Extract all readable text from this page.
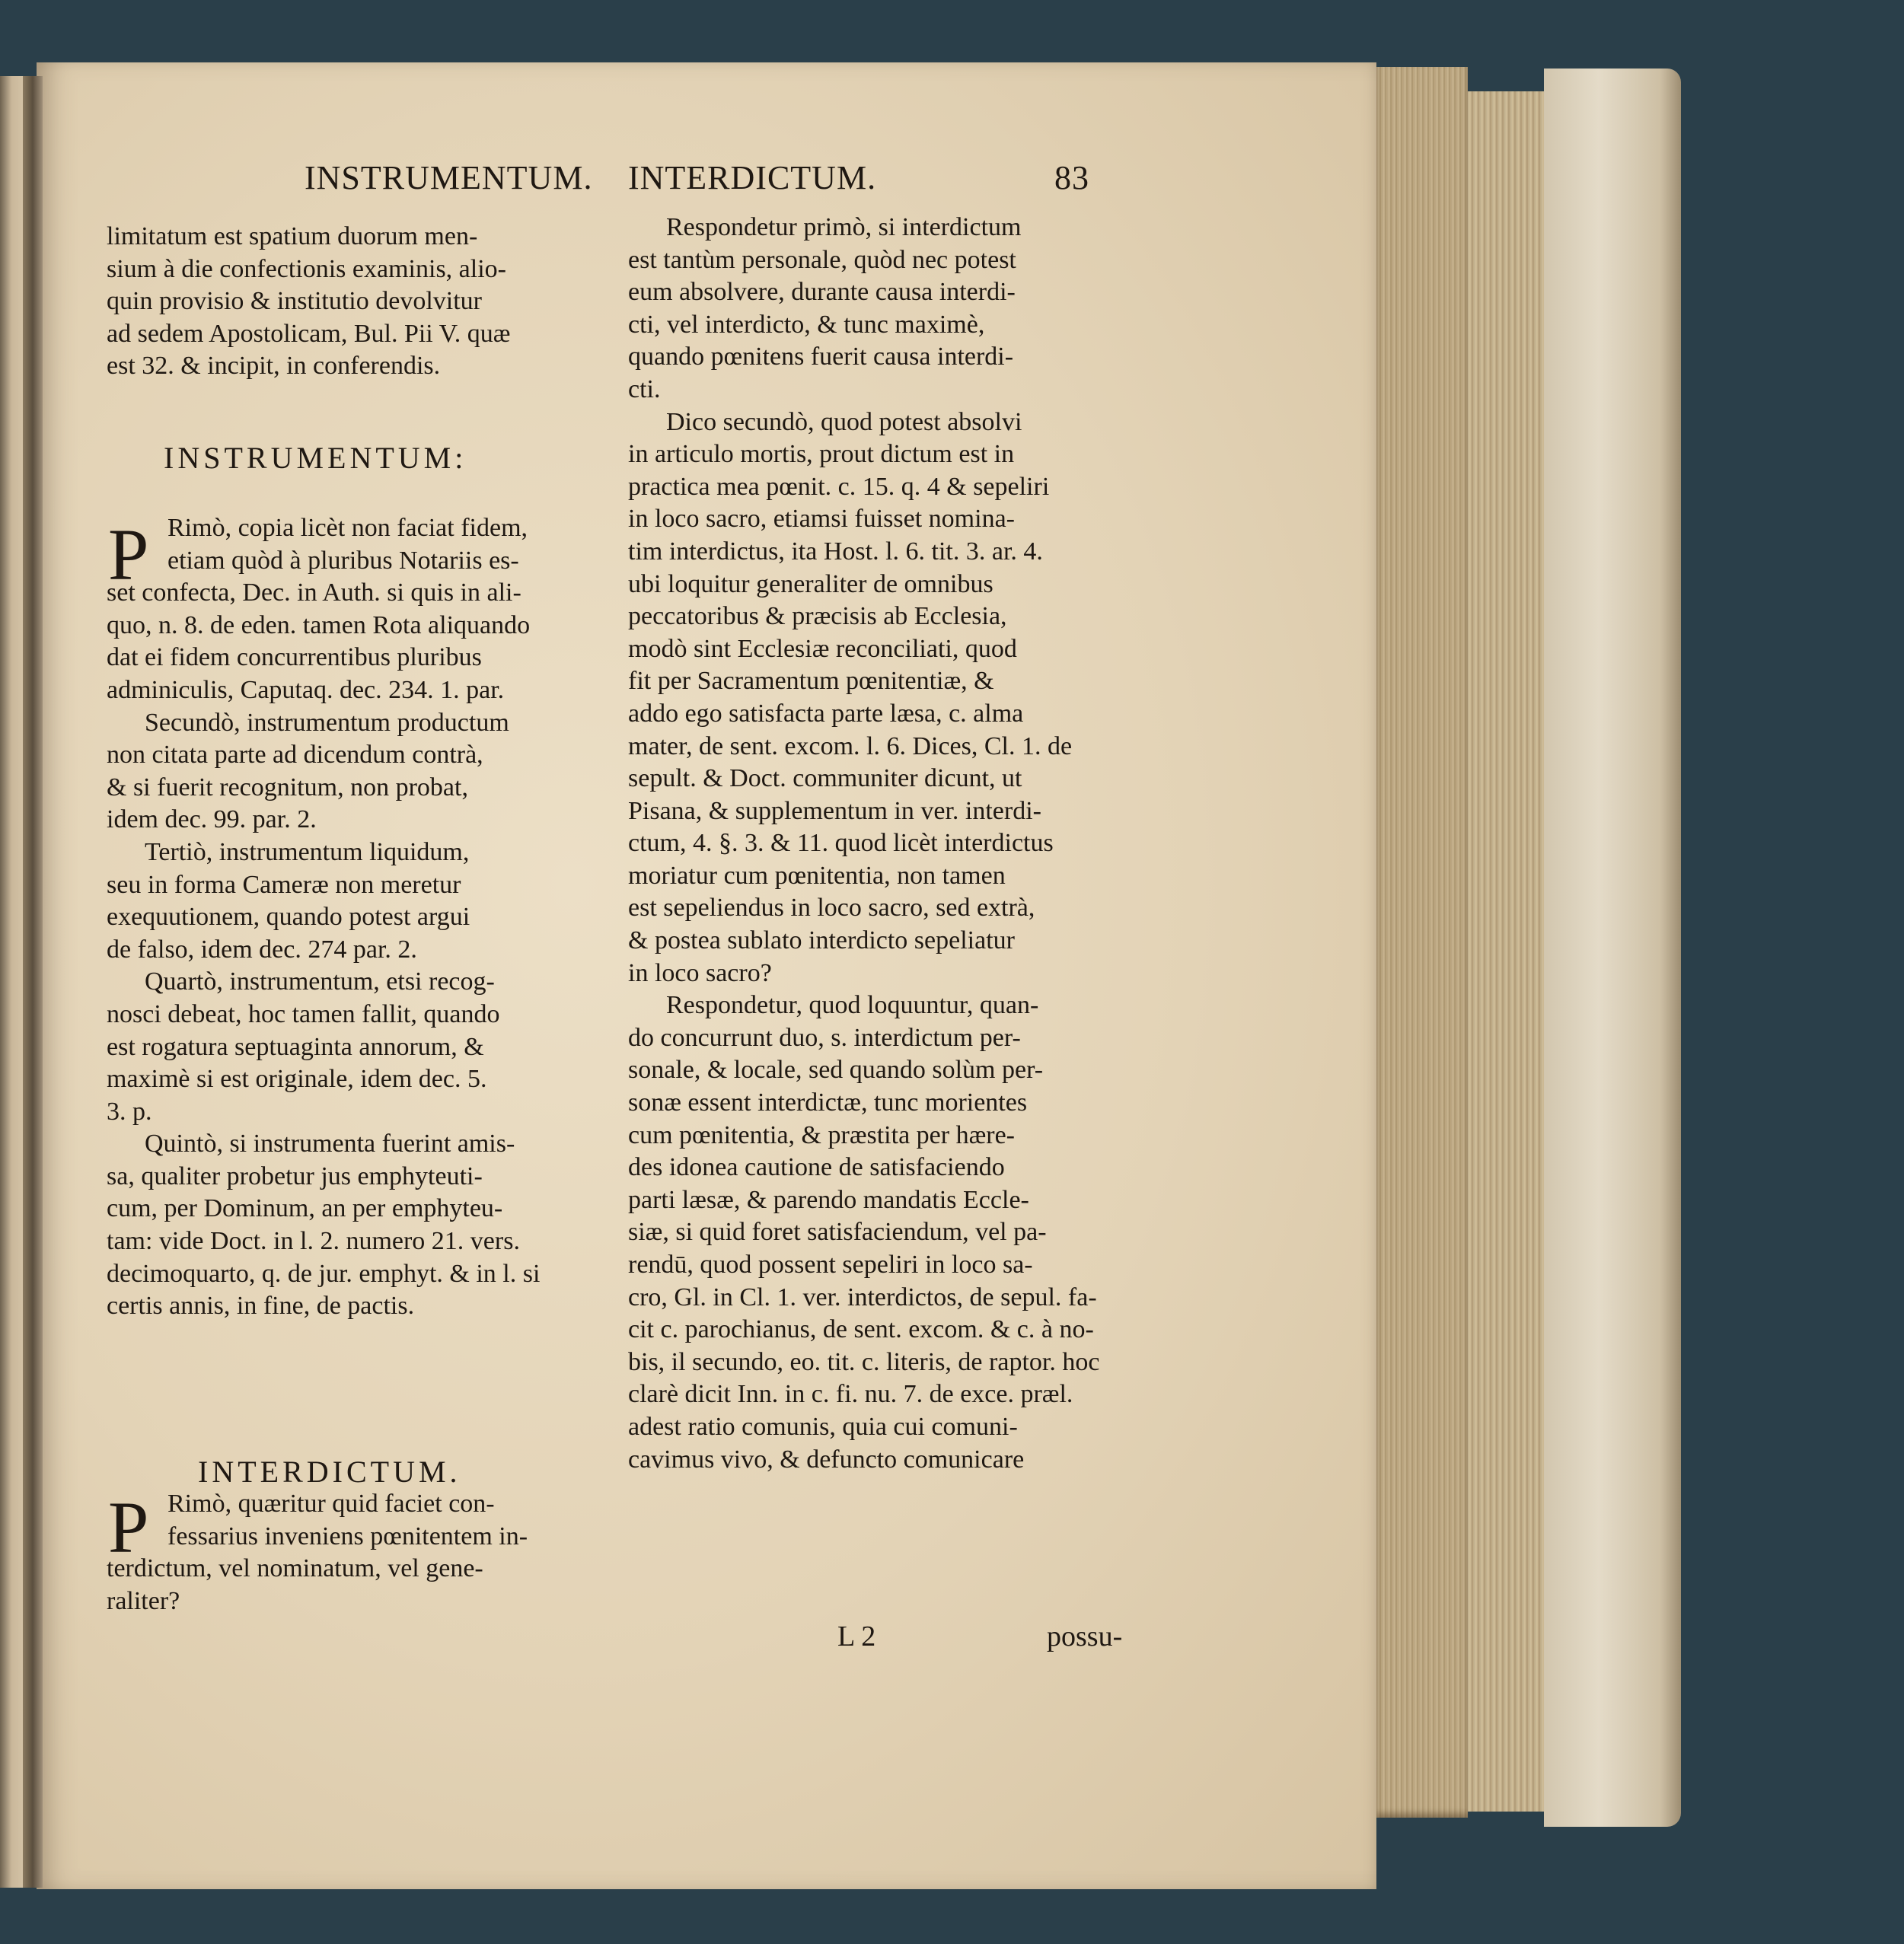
INSTRUMENTUM. INTERDICTUM.	83
limitatum est spatium duorum men-
sium à die confectionis examinis, alio-
quin provisio & institutio devolvitur
ad sedem Apostolicam, Bul. Pii V. quæ
est 32. & incipit, in conferendis.
INSTRUMENTUM:
P Rimò, copia licèt non faciat fidem,
etiam quòd à pluribus Notariis es-
set confecta, Dec. in Auth. si quis in ali-
quo, n. 8. de eden. tamen Rota aliquando
dat ei fidem concurrentibus pluribus
adminiculis, Caputaq. dec. 234. 1. par.
Secundò, instrumentum productum
non citata parte ad dicendum contrà,
& si fuerit recognitum, non probat,
idem dec. 99. par. 2.
Tertiò, instrumentum liquidum,
seu in forma Cameræ non meretur
exequutionem, quando potest argui
de falso, idem dec. 274 par. 2.
Quartò, instrumentum, etsi recog-
nosci debeat, hoc tamen fallit, quando
est rogatura septuaginta annorum, &
maximè si est originale, idem dec. 5.
3. p.
Quintò, si instrumenta fuerint amis-
sa, qualiter probetur jus emphyteuti-
cum, per Dominum, an per emphyteu-
tam: vide Doct. in l. 2. numero 21. vers.
decimoquarto, q. de jur. emphyt. & in l. si
certis annis, in fine, de pactis.
INTERDICTUM.
P Rimò, quæritur quid faciet con-
fessarius inveniens pœnitentem in-
terdictum, vel nominatum, vel gene-
raliter?
Respondetur primò, si interdictum
est tantùm personale, quòd nec potest
eum absolvere, durante causa interdi-
cti, vel interdicto, & tunc maximè,
quando pœnitens fuerit causa interdi-
cti.
Dico secundò, quod potest absolvi
in articulo mortis, prout dictum est in
practica mea pœnit. c. 15. q. 4 & sepeliri
in loco sacro, etiamsi fuisset nomina-
tim interdictus, ita Host. l. 6. tit. 3. ar. 4.
ubi loquitur generaliter de omnibus
peccatoribus & præcisis ab Ecclesia,
modò sint Ecclesiæ reconciliati, quod
fit per Sacramentum pœnitentiæ, &
addo ego satisfacta parte læsa, c. alma
mater, de sent. excom. l. 6. Dices, Cl. 1. de
sepult. & Doct. communiter dicunt, ut
Pisana, & supplementum in ver. interdi-
ctum, 4. §. 3. & 11. quod licèt interdictus
moriatur cum pœnitentia, non tamen
est sepeliendus in loco sacro, sed extrà,
& postea sublato interdicto sepeliatur
in loco sacro?
Respondetur, quod loquuntur, quan-
do concurrunt duo, s. interdictum per-
sonale, & locale, sed quando solùm per-
sonæ essent interdictæ, tunc morientes
cum pœnitentia, & præstita per hære-
des idonea cautione de satisfaciendo
parti læsæ, & parendo mandatis Eccle-
siæ, si quid foret satisfaciendum, vel pa-
rendū, quod possent sepeliri in loco sa-
cro, Gl. in Cl. 1. ver. interdictos, de sepul. fa-
cit c. parochianus, de sent. excom. & c. à no-
bis, il secundo, eo. tit. c. literis, de raptor. hoc
clarè dicit Inn. in c. fi. nu. 7. de exce. præl.
adest ratio comunis, quia cui comuni-
cavimus vivo, & defuncto comunicare
L 2	possu-
